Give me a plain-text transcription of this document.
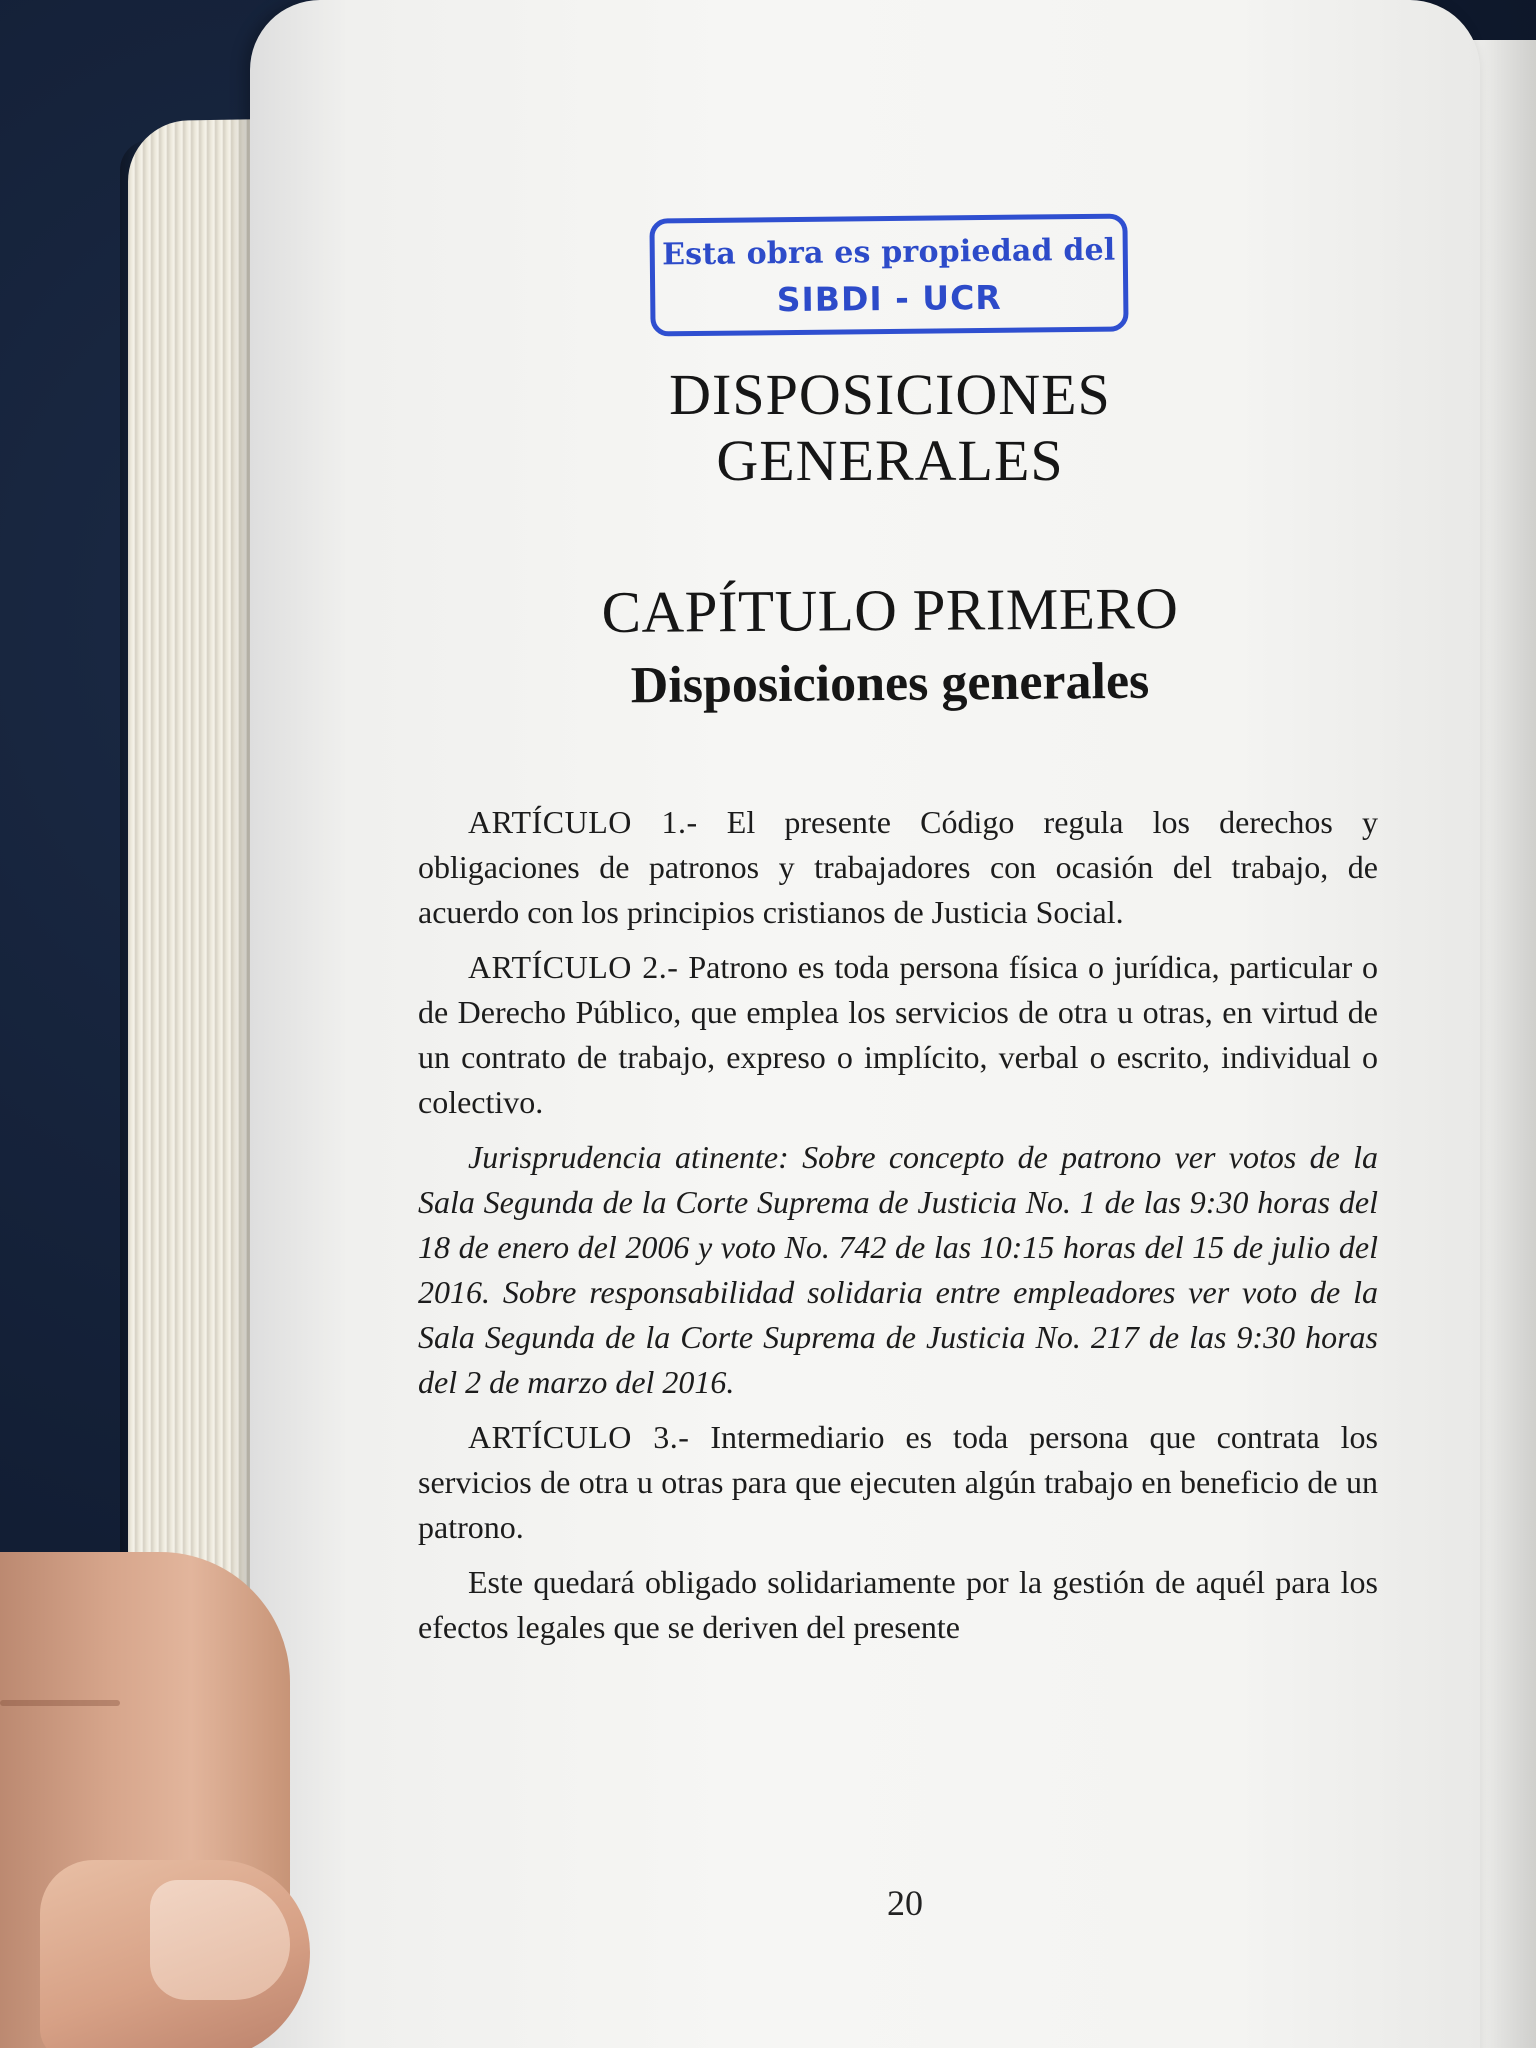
Esta obra es propiedad del
SIBDI - UCR
DISPOSICIONES
GENERALES
CAPÍTULO PRIMERO
Disposiciones generales

ARTÍCULO 1.- El presente Código regula los derechos y obligaciones de patronos y trabajadores con ocasión del trabajo, de acuerdo con los principios cristianos de Justicia Social.

ARTÍCULO 2.- Patrono es toda persona física o jurídica, particular o de Derecho Público, que emplea los servicios de otra u otras, en virtud de un contrato de trabajo, expreso o implícito, verbal o escrito, individual o colectivo.

Jurisprudencia atinente: Sobre concepto de patrono ver votos de la Sala Segunda de la Corte Suprema de Justicia No. 1 de las 9:30 horas del 18 de enero del 2006 y voto No. 742 de las 10:15 horas del 15 de julio del 2016. Sobre responsabilidad solidaria entre empleadores ver voto de la Sala Segunda de la Corte Suprema de Justicia No. 217 de las 9:30 horas del 2 de marzo del 2016.

ARTÍCULO 3.- Intermediario es toda persona que contrata los servicios de otra u otras para que ejecuten algún trabajo en beneficio de un patrono.

Este quedará obligado solidariamente por la gestión de aquél para los efectos legales que se deriven del presente

20
